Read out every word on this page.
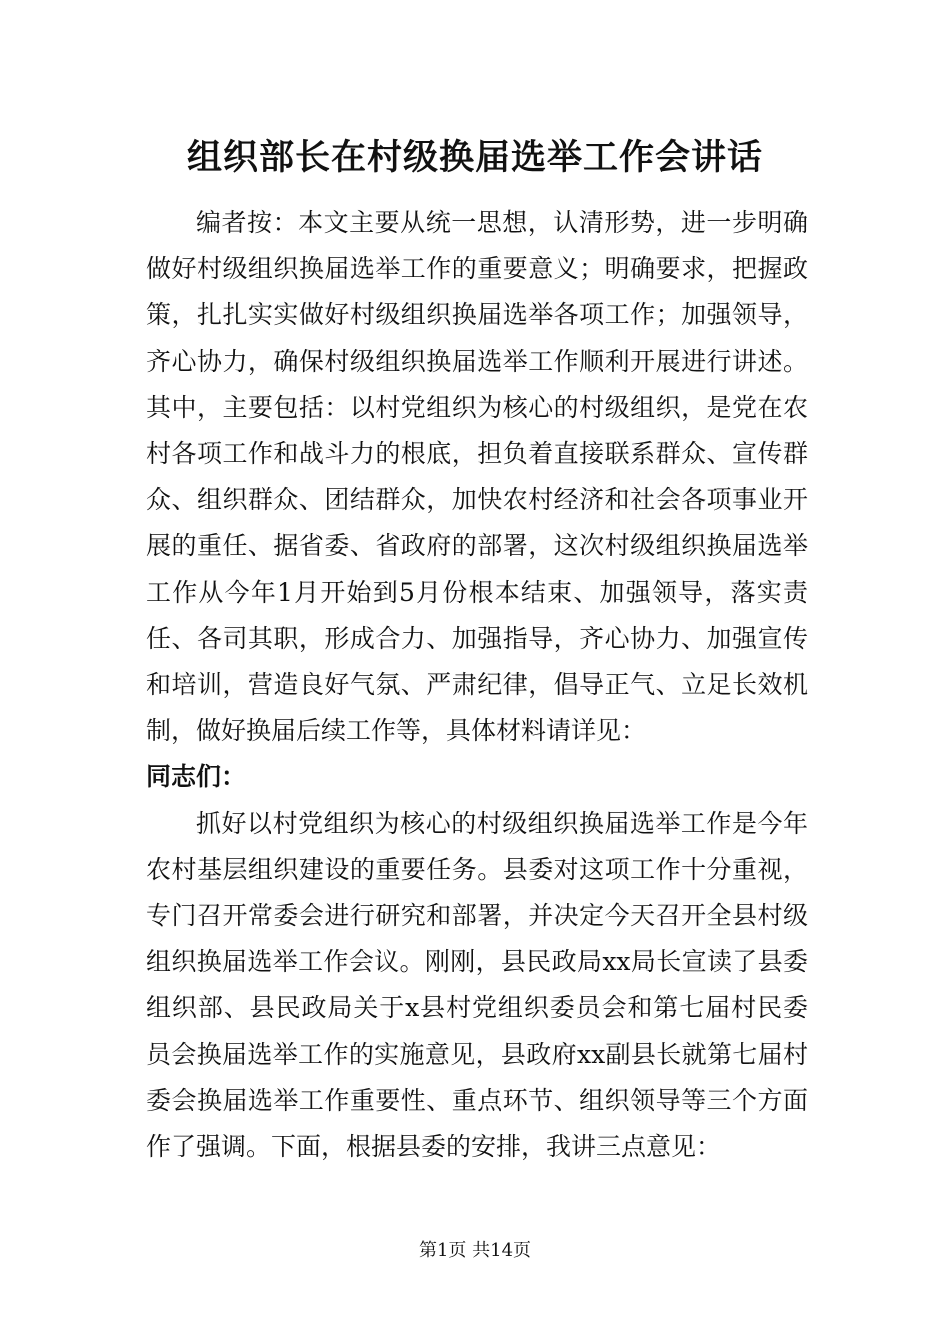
组织部长在村级换届选举工作会讲话

编者按：本文主要从统一思想，认清形势，进一步明确做好村级组织换届选举工作的重要意义；明确要求，把握政策，扎扎实实做好村级组织换届选举各项工作；加强领导，齐心协力，确保村级组织换届选举工作顺利开展进行讲述。其中，主要包括：以村党组织为核心的村级组织，是党在农村各项工作和战斗力的根底，担负着直接联系群众、宣传群众、组织群众、团结群众，加快农村经济和社会各项事业开展的重任、据省委、省政府的部署，这次村级组织换届选举工作从今年1月开始到5月份根本结束、加强领导，落实责任、各司其职，形成合力、加强指导，齐心协力、加强宣传和培训，营造良好气氛、严肃纪律，倡导正气、立足长效机制，做好换届后续工作等，具体材料请详见：

同志们：

抓好以村党组织为核心的村级组织换届选举工作是今年农村基层组织建设的重要任务。县委对这项工作十分重视，专门召开常委会进行研究和部署，并决定今天召开全县村级组织换届选举工作会议。刚刚，县民政局xx局长宣读了县委组织部、县民政局关于x县村党组织委员会和第七届村民委员会换届选举工作的实施意见，县政府xx副县长就第七届村委会换届选举工作重要性、重点环节、组织领导等三个方面作了强调。下面，根据县委的安排，我讲三点意见：

第1页 共14页
